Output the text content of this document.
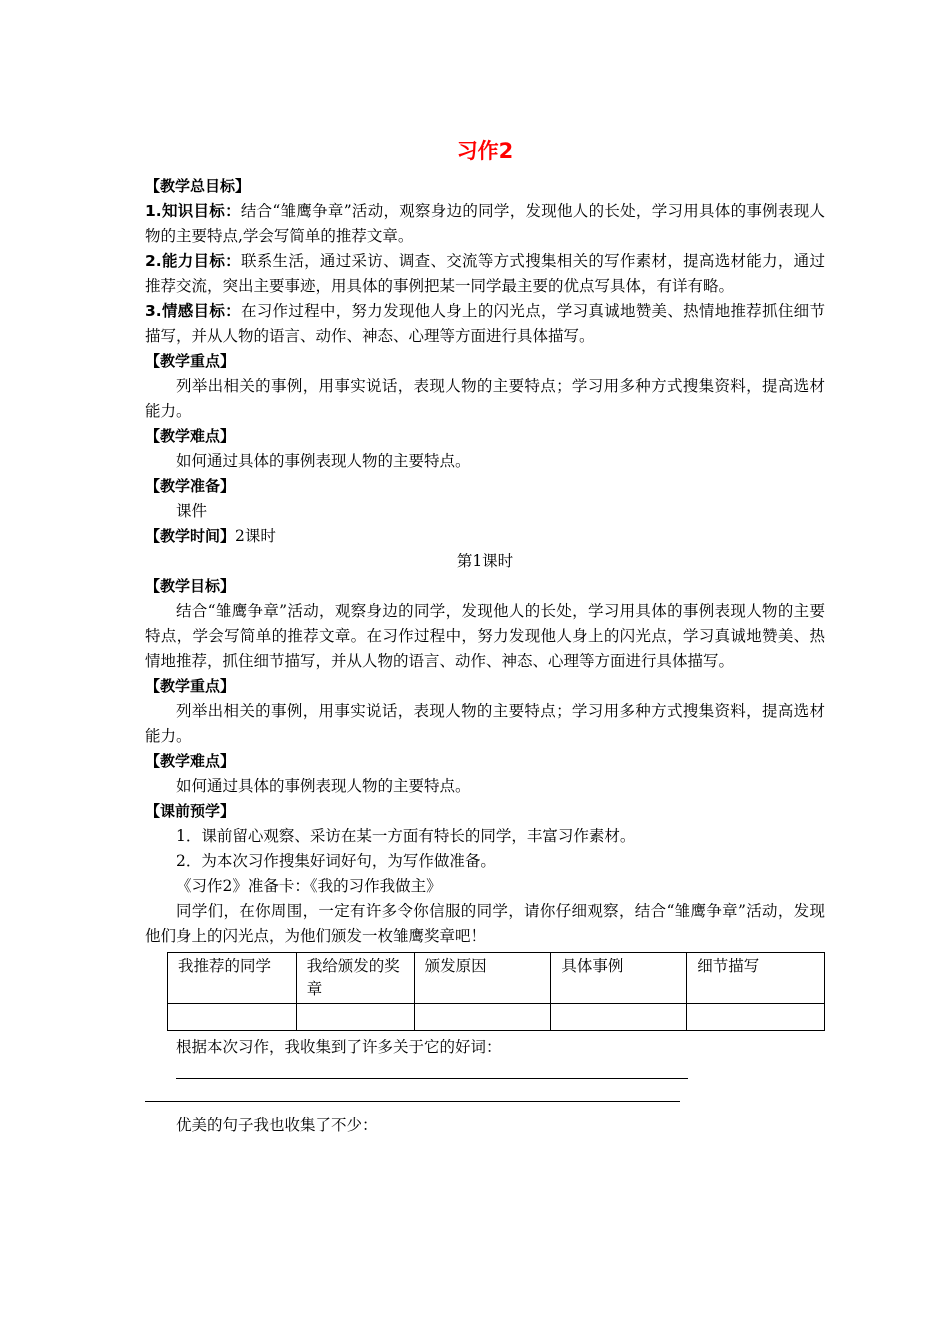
习作2
【教学总目标】

1.知识目标：结合“雏鹰争章”活动，观察身边的同学，发现他人的长处，学习用具体的事例表现人物的主要特点,学会写简单的推荐文章。

2.能力目标：联系生活，通过采访、调查、交流等方式搜集相关的写作素材，提高选材能力，通过推荐交流，突出主要事迹，用具体的事例把某一同学最主要的优点写具体，有详有略。

3.情感目标：在习作过程中，努力发现他人身上的闪光点，学习真诚地赞美、热情地推荐抓住细节描写，并从人物的语言、动作、神态、心理等方面进行具体描写。

【教学重点】

列举出相关的事例，用事实说话，表现人物的主要特点；学习用多种方式搜集资料，提高选材能力。

【教学难点】

如何通过具体的事例表现人物的主要特点。

【教学准备】

课件

【教学时间】2课时

第1课时

【教学目标】

结合“雏鹰争章”活动，观察身边的同学，发现他人的长处，学习用具体的事例表现人物的主要特点，学会写简单的推荐文章。在习作过程中，努力发现他人身上的闪光点，学习真诚地赞美、热情地推荐，抓住细节描写，并从人物的语言、动作、神态、心理等方面进行具体描写。

【教学重点】

列举出相关的事例，用事实说话，表现人物的主要特点；学习用多种方式搜集资料，提高选材能力。

【教学难点】

如何通过具体的事例表现人物的主要特点。

【课前预学】

1．课前留心观察、采访在某一方面有特长的同学，丰富习作素材。

2．为本次习作搜集好词好句，为写作做准备。

《习作2》准备卡：《我的习作我做主》

同学们，在你周围，一定有许多令你信服的同学，请你仔细观察，结合“雏鹰争章”活动，发现他们身上的闪光点，为他们颁发一枚雏鹰奖章吧！

我推荐的同学	我给颁发的奖章	颁发原因	具体事例	细节描写

根据本次习作，我收集到了许多关于它的好词：

优美的句子我也收集了不少：
